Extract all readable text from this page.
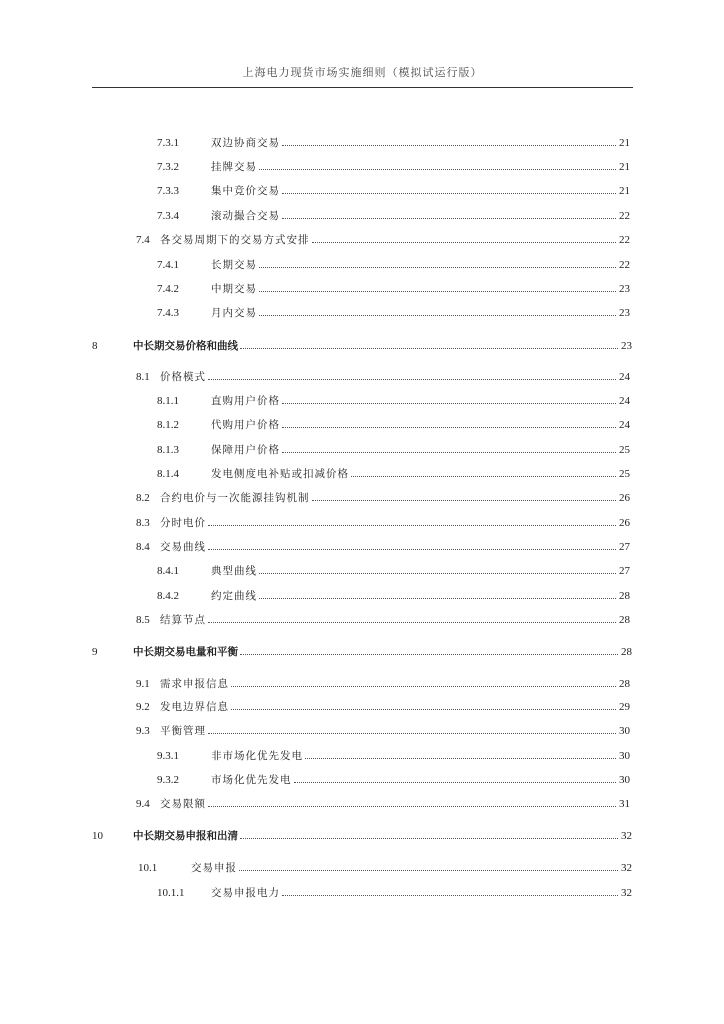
上海电力现货市场实施细则（模拟试运行版）
7.3.1	双边协商交易	21
7.3.2	挂牌交易	21
7.3.3	集中竞价交易	21
7.3.4	滚动撮合交易	22
7.4 各交易周期下的交易方式安排	22
7.4.1	长期交易	22
7.4.2	中期交易	23
7.4.3	月内交易	23
8	中长期交易价格和曲线	23
8.1 价格模式	24
8.1.1	直购用户价格	24
8.1.2	代购用户价格	24
8.1.3	保障用户价格	25
8.1.4	发电侧度电补贴或扣减价格	25
8.2 合约电价与一次能源挂钩机制	26
8.3 分时电价	26
8.4 交易曲线	27
8.4.1	典型曲线	27
8.4.2	约定曲线	28
8.5 结算节点	28
9	中长期交易电量和平衡	28
9.1 需求申报信息	28
9.2 发电边界信息	29
9.3 平衡管理	30
9.3.1	非市场化优先发电	30
9.3.2	市场化优先发电	30
9.4 交易限额	31
10	中长期交易申报和出清	32
10.1	交易申报	32
10.1.1	交易申报电力	32
